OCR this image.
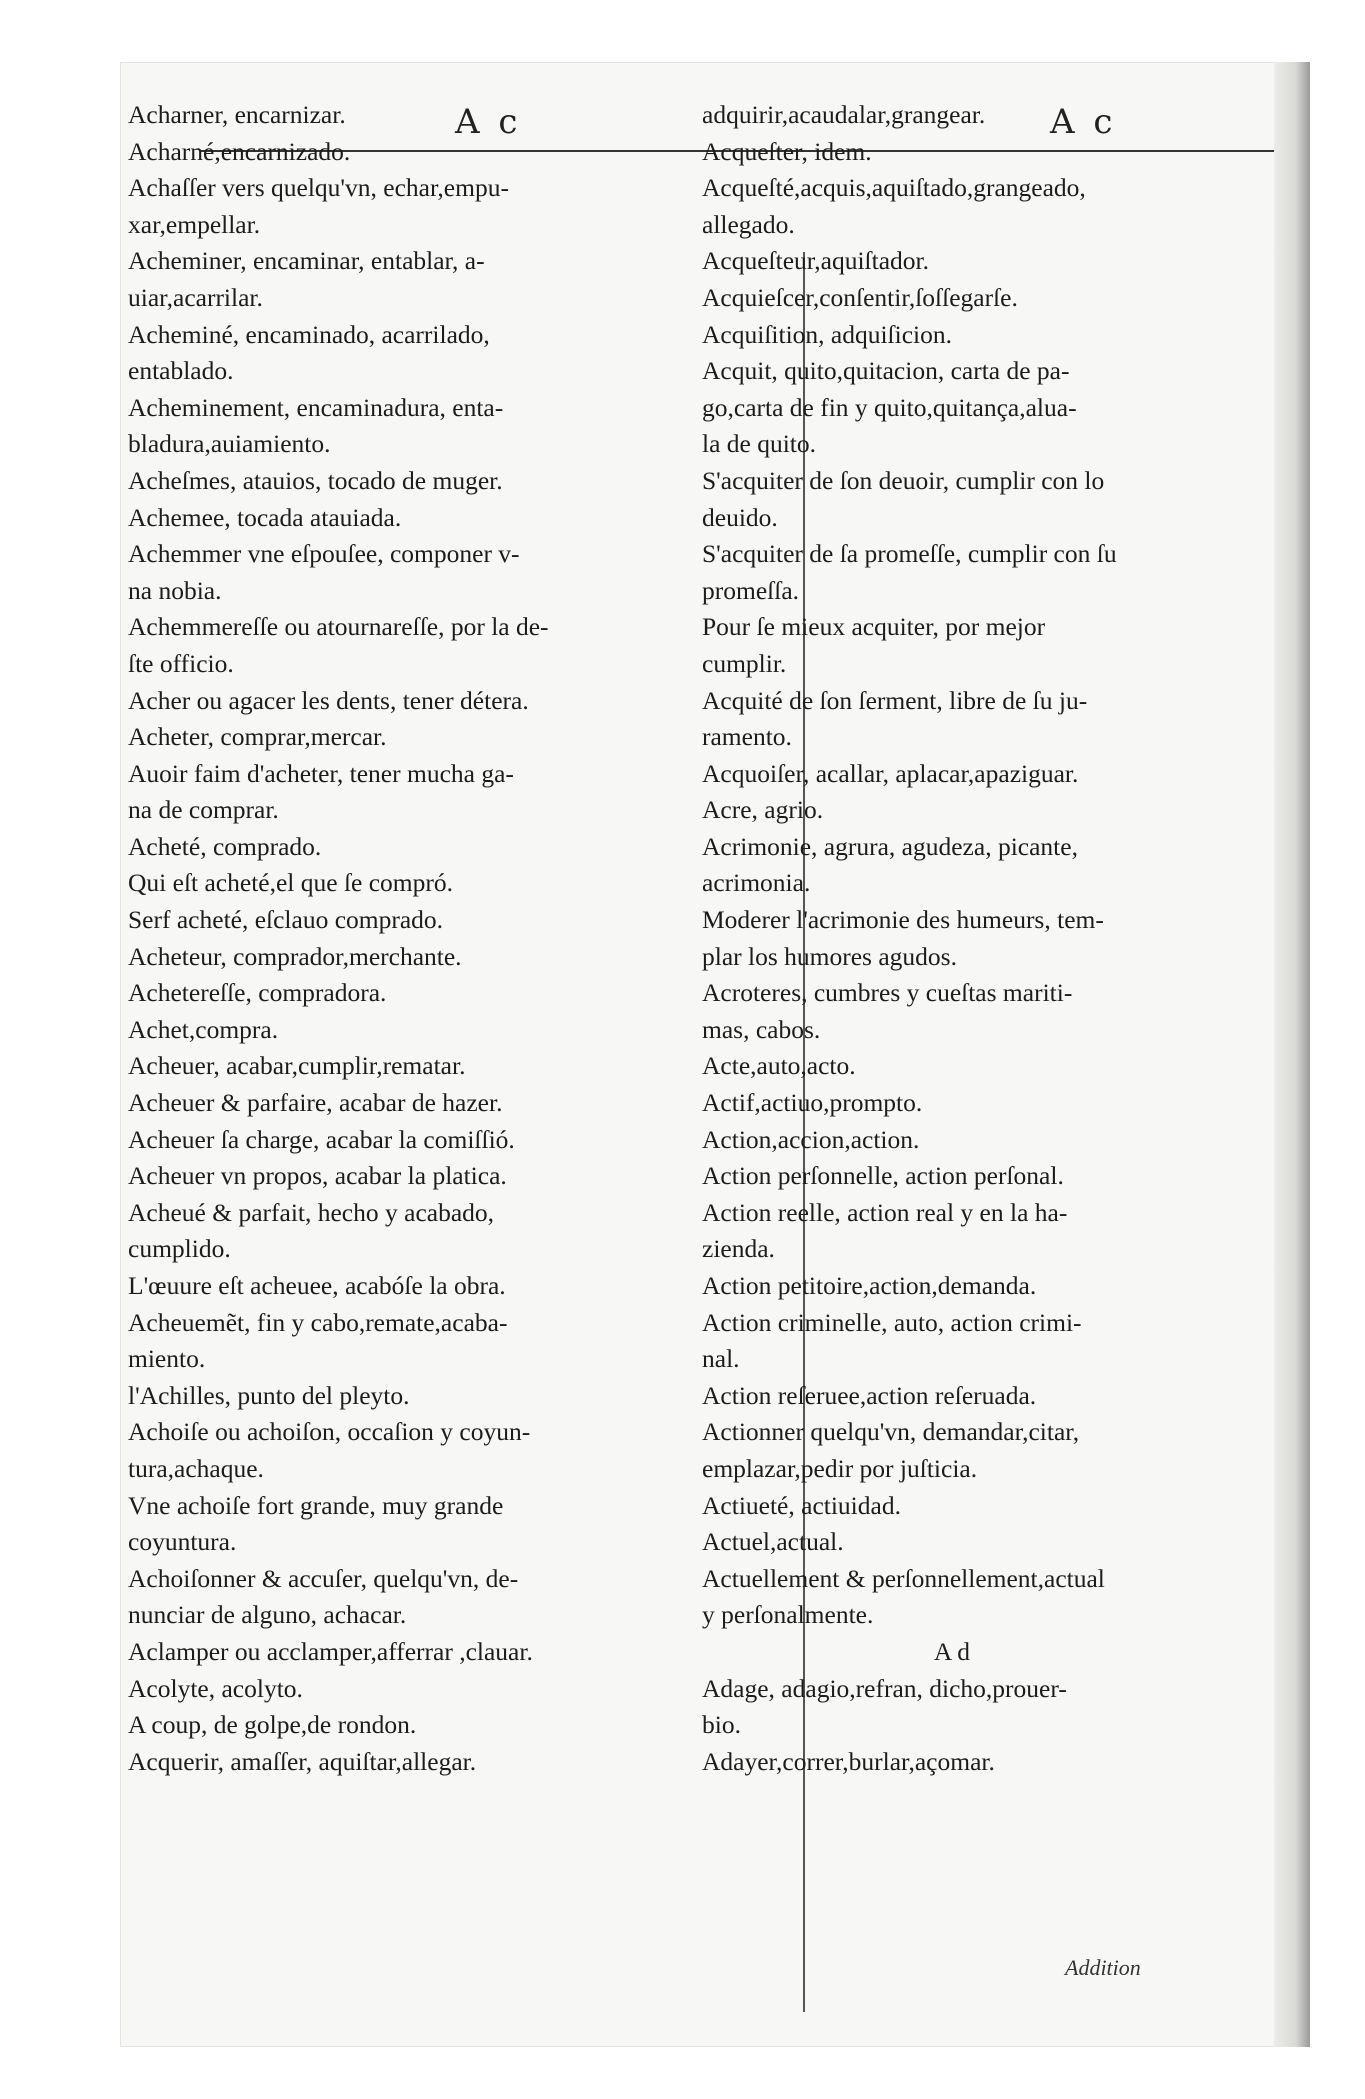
A c	A c
Acharner, encarnizar.
Acharné,encarnizado.
Achaſſer vers quelqu'vn, echar,empu-
xar,empellar.
Acheminer, encaminar, entablar, a-
uiar,acarrilar.
Acheminé, encaminado, acarrilado,
entablado.
Acheminement, encaminadura, enta-
bladura,auiamiento.
Acheſmes, atauios, tocado de muger.
Achemee, tocada atauiada.
Achemmer vne eſpouſee, componer v-
na nobia.
Achemmereſſe ou atournareſſe, por la de-
ſte officio.
Acher ou agacer les dents, tener détera.
Acheter, comprar,mercar.
Auoir faim d'acheter, tener mucha ga-
na de comprar.
Acheté, comprado.
Qui eſt acheté,el que ſe compró.
Serf acheté, eſclauo comprado.
Acheteur, comprador,merchante.
Achetereſſe, compradora.
Achet,compra.
Acheuer, acabar,cumplir,rematar.
Acheuer & parfaire, acabar de hazer.
Acheuer ſa charge, acabar la comiſſió.
Acheuer vn propos, acabar la platica.
Acheué & parfait, hecho y acabado,
cumplido.
L'œuure eſt acheuee, acabóſe la obra.
Acheuemẽt, fin y cabo,remate,acaba-
miento.
l'Achilles, punto del pleyto.
Achoiſe ou achoiſon, occaſion y coyun-
tura,achaque.
Vne achoiſe fort grande, muy grande
coyuntura.
Achoiſonner & accuſer, quelqu'vn, de-
nunciar de alguno, achacar.
Aclamper ou acclamper,afferrar ,clauar.
Acolyte, acolyto.
A coup, de golpe,de rondon.
Acquerir, amaſſer, aquiſtar,allegar.
adquirir,acaudalar,grangear.
Acqueſter, idem.
Acqueſté,acquis,aquiſtado,grangeado,
allegado.
Acqueſteur,aquiſtador.
Acquieſcer,conſentir,ſoſſegarſe.
Acquiſition, adquiſicion.
Acquit, quito,quitacion, carta de pa-
go,carta de fin y quito,quitança,alua-
la de quito.
S'acquiter de ſon deuoir, cumplir con lo
deuido.
S'acquiter de ſa promeſſe, cumplir con ſu
promeſſa.
Pour ſe mieux acquiter, por mejor
cumplir.
Acquité de ſon ſerment, libre de ſu ju-
ramento.
Acquoiſer, acallar, aplacar,apaziguar.
Acre, agrio.
Acrimonie, agrura, agudeza, picante,
acrimonia.
Moderer l'acrimonie des humeurs, tem-
plar los humores agudos.
Acroteres, cumbres y cueſtas mariti-
mas, cabos.
Acte,auto,acto.
Actif,actiuo,prompto.
Action,accion,action.
Action perſonnelle, action perſonal.
Action reelle, action real y en la ha-
zienda.
Action petitoire,action,demanda.
Action criminelle, auto, action crimi-
nal.
Action reſeruee,action reſeruada.
Actionner quelqu'vn, demandar,citar,
emplazar,pedir por juſticia.
Actiueté, actiuidad.
Actuel,actual.
Actuellement & perſonnellement,actual
y perſonalmente.
A d
Adage, adagio,refran, dicho,prouer-
bio.
Adayer,correr,burlar,açomar.
Addition
